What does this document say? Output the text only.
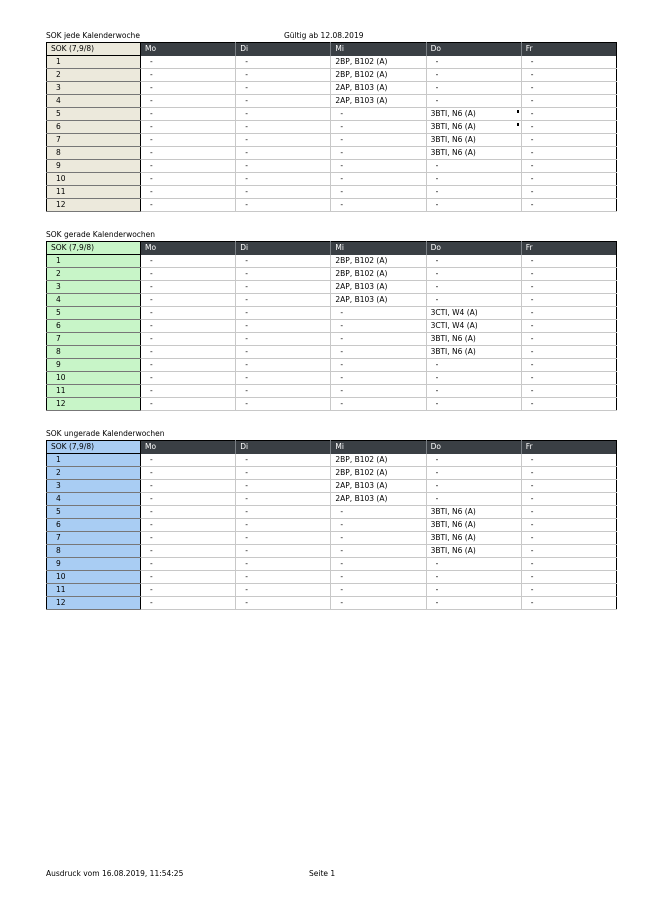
SOK jede Kalenderwoche	Gültig ab 12.08.2019
SOK (7,9/8)	Mo	Di	Mi	Do	Fr
1	-	-	2BP, B102 (A)	-	-
2	-	-	2BP, B102 (A)	-	-
3	-	-	2AP, B103 (A)	-	-
4	-	-	2AP, B103 (A)	-	-
5	-	-	-	3BTI, N6 (A)	-
6	-	-	-	3BTI, N6 (A)	-
7	-	-	-	3BTI, N6 (A)	-
8	-	-	-	3BTI, N6 (A)	-
9	-	-	-	-	-
10	-	-	-	-	-
11	-	-	-	-	-
12	-	-	-	-	-
SOK gerade Kalenderwochen
SOK (7,9/8)	Mo	Di	Mi	Do	Fr
1	-	-	2BP, B102 (A)	-	-
2	-	-	2BP, B102 (A)	-	-
3	-	-	2AP, B103 (A)	-	-
4	-	-	2AP, B103 (A)	-	-
5	-	-	-	3CTI, W4 (A)	-
6	-	-	-	3CTI, W4 (A)	-
7	-	-	-	3BTI, N6 (A)	-
8	-	-	-	3BTI, N6 (A)	-
9	-	-	-	-	-
10	-	-	-	-	-
11	-	-	-	-	-
12	-	-	-	-	-
SOK ungerade Kalenderwochen
SOK (7,9/8)	Mo	Di	Mi	Do	Fr
1	-	-	2BP, B102 (A)	-	-
2	-	-	2BP, B102 (A)	-	-
3	-	-	2AP, B103 (A)	-	-
4	-	-	2AP, B103 (A)	-	-
5	-	-	-	3BTI, N6 (A)	-
6	-	-	-	3BTI, N6 (A)	-
7	-	-	-	3BTI, N6 (A)	-
8	-	-	-	3BTI, N6 (A)	-
9	-	-	-	-	-
10	-	-	-	-	-
11	-	-	-	-	-
12	-	-	-	-	-
Ausdruck vom 16.08.2019, 11:54:25	Seite 1
